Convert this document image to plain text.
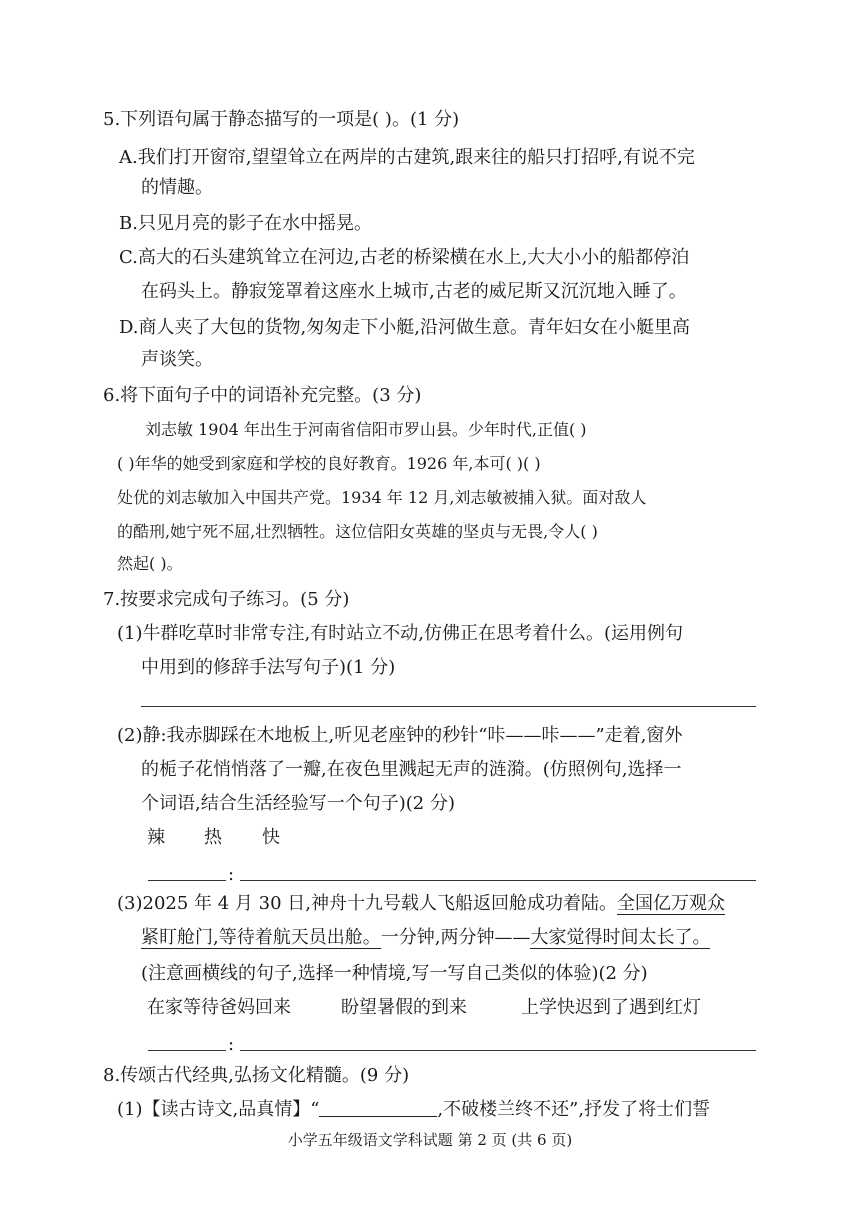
5.下列语句属于静态描写的一项是( )。(1 分)
A.我们打开窗帘,望望耸立在两岸的古建筑,跟来往的船只打招呼,有说不完
的情趣。
B.只见月亮的影子在水中摇晃。
C.高大的石头建筑耸立在河边,古老的桥梁横在水上,大大小小的船都停泊
在码头上。静寂笼罩着这座水上城市,古老的威尼斯又沉沉地入睡了。
D.商人夹了大包的货物,匆匆走下小艇,沿河做生意。青年妇女在小艇里高
声谈笑。
6.将下面句子中的词语补充完整。(3 分)
刘志敏 1904 年出生于河南省信阳市罗山县。少年时代,正值( )
( )年华的她受到家庭和学校的良好教育。1926 年,本可( )( )
处优的刘志敏加入中国共产党。1934 年 12 月,刘志敏被捕入狱。面对敌人
的酷刑,她宁死不屈,壮烈牺牲。这位信阳女英雄的坚贞与无畏,令人( )
然起( )。
7.按要求完成句子练习。(5 分)
(1)牛群吃草时非常专注,有时站立不动,仿佛正在思考着什么。(运用例句
中用到的修辞手法写句子)(1 分)
(2)静:我赤脚踩在木地板上,听见老座钟的秒针“咔——咔——”走着,窗外
的栀子花悄悄落了一瓣,在夜色里溅起无声的涟漪。(仿照例句,选择一
个词语,结合生活经验写一个句子)(2 分)
辣 热 快
:
(3)2025 年 4 月 30 日,神舟十九号载人飞船返回舱成功着陆。全国亿万观众
紧盯舱门,等待着航天员出舱。一分钟,两分钟——大家觉得时间太长了。
(注意画横线的句子,选择一种情境,写一写自己类似的体验)(2 分)
在家等待爸妈回来	盼望暑假的到来	上学快迟到了遇到红灯
:
8.传颂古代经典,弘扬文化精髓。(9 分)
(1)【读古诗文,品真情】“	,不破楼兰终不还”,抒发了将士们誓
小学五年级语文学科试题 第 2 页 (共 6 页)
